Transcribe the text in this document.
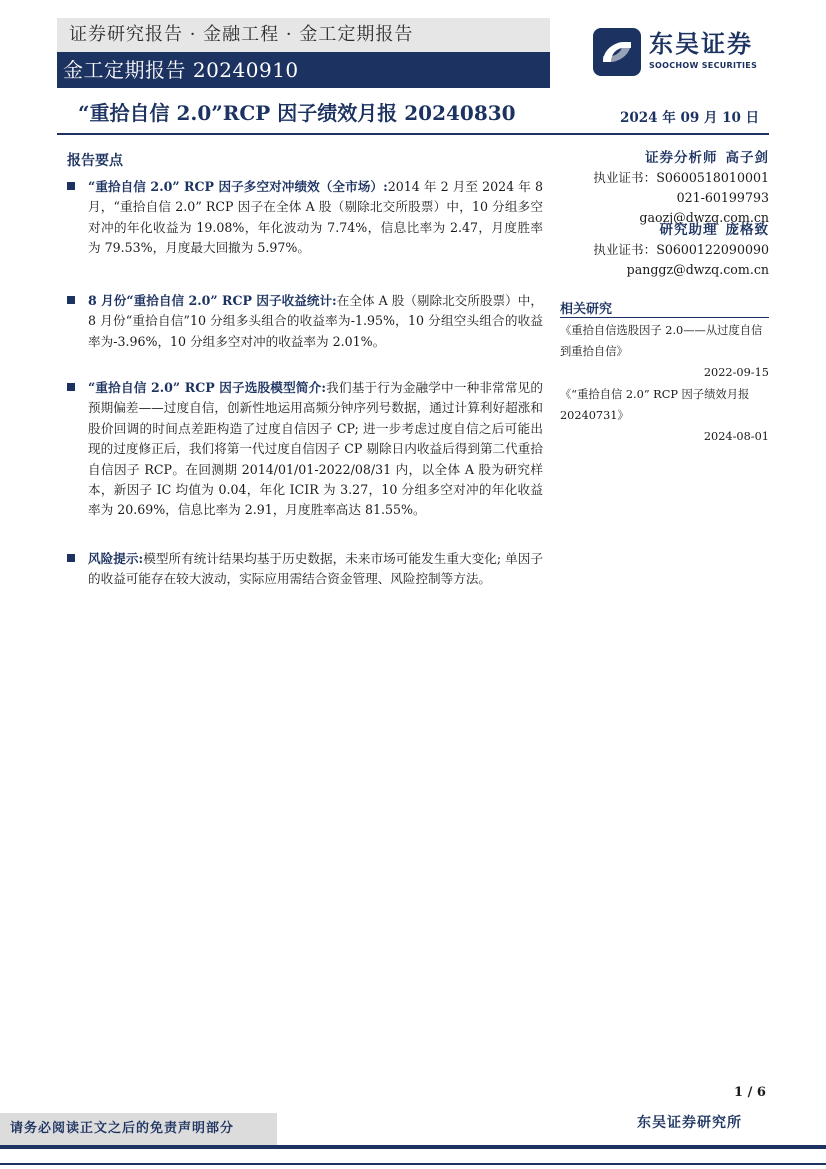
证券研究报告 · 金融工程 · 金工定期报告
金工定期报告 20240910
东吴证券
SOOCHOW SECURITIES
“重拾自信 2.0”RCP 因子绩效月报 20240830	2024 年 09 月 10 日
报告要点
“重拾自信 2.0” RCP 因子多空对冲绩效（全市场）:2014 年 2 月至 2024 年 8 月，“重拾自信 2.0” RCP 因子在全体 A 股（剔除北交所股票）中，10 分组多空对冲的年化收益为 19.08%，年化波动为 7.74%，信息比率为 2.47，月度胜率为 79.53%，月度最大回撤为 5.97%。
8 月份“重拾自信 2.0” RCP 因子收益统计:在全体 A 股（剔除北交所股票）中，8 月份“重拾自信”10 分组多头组合的收益率为-1.95%，10 分组空头组合的收益率为-3.96%，10 分组多空对冲的收益率为 2.01%。
“重拾自信 2.0” RCP 因子选股模型简介:我们基于行为金融学中一种非常常见的预期偏差——过度自信，创新性地运用高频分钟序列号数据，通过计算利好超涨和股价回调的时间点差距构造了过度自信因子 CP; 进一步考虑过度自信之后可能出现的过度修正后，我们将第一代过度自信因子 CP 剔除日内收益后得到第二代重拾自信因子 RCP。在回测期 2014/01/01-2022/08/31 内，以全体 A 股为研究样本，新因子 IC 均值为 0.04，年化 ICIR 为 3.27，10 分组多空对冲的年化收益率为 20.69%，信息比率为 2.91，月度胜率高达 81.55%。
风险提示:模型所有统计结果均基于历史数据，未来市场可能发生重大变化; 单因子的收益可能存在较大波动，实际应用需结合资金管理、风险控制等方法。
证券分析师 高子剑
执业证书：S0600518010001
021-60199793
gaozj@dwzq.com.cn
研究助理 庞格致
执业证书：S0600122090090
panggz@dwzq.com.cn
相关研究
《重拾自信选股因子 2.0——从过度自信到重拾自信》
2022-09-15
《“重拾自信 2.0” RCP 因子绩效月报 20240731》
2024-08-01
1 / 6
请务必阅读正文之后的免责声明部分	东吴证券研究所
